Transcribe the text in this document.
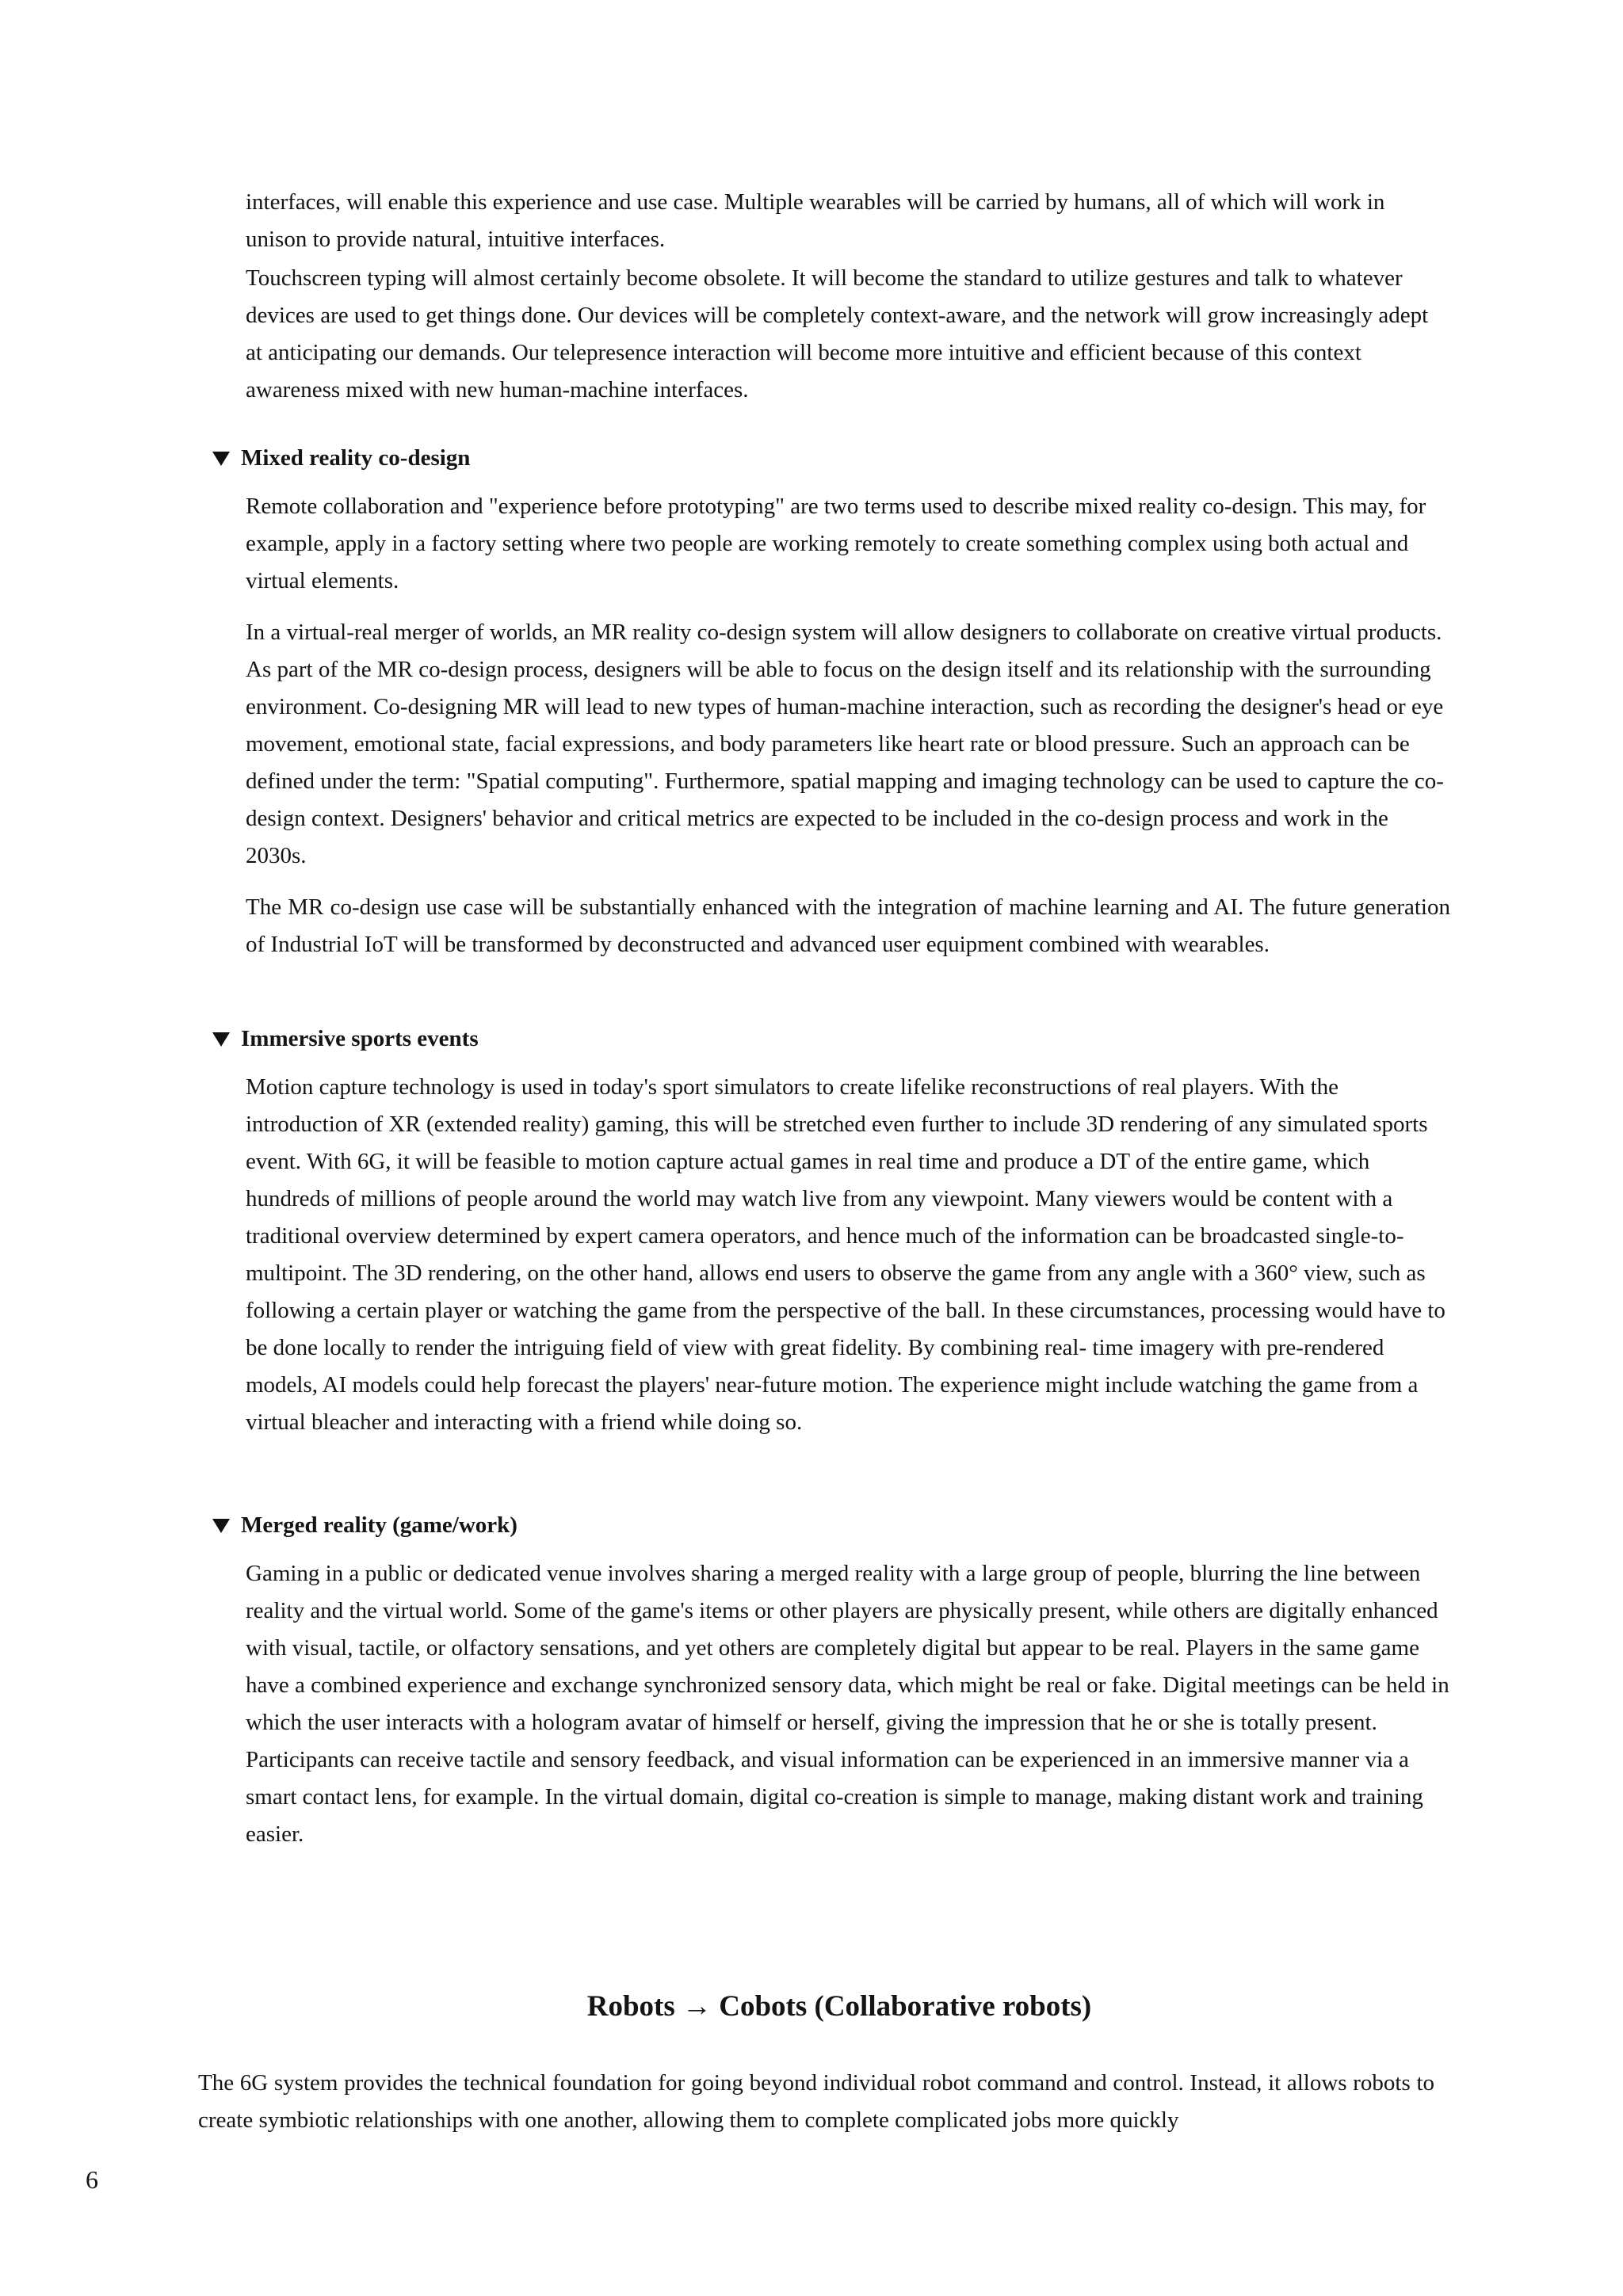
interfaces, will enable this experience and use case. Multiple wearables will be carried by humans, all of which will work in unison to provide natural, intuitive interfaces.

Touchscreen typing will almost certainly become obsolete. It will become the standard to utilize gestures and talk to whatever devices are used to get things done. Our devices will be completely context-aware, and the network will grow increasingly adept at anticipating our demands. Our telepresence interaction will become more intuitive and efficient because of this context awareness mixed with new human-machine interfaces.

Mixed reality co-design

Remote collaboration and "experience before prototyping" are two terms used to describe mixed reality co-design. This may, for example, apply in a factory setting where two people are working remotely to create something complex using both actual and virtual elements.

In a virtual-real merger of worlds, an MR reality co-design system will allow designers to collaborate on creative virtual products. As part of the MR co-design process, designers will be able to focus on the design itself and its relationship with the surrounding environment. Co-designing MR will lead to new types of human-machine interaction, such as recording the designer's head or eye movement, emotional state, facial expressions, and body parameters like heart rate or blood pressure. Such an approach can be defined under the term: "Spatial computing". Furthermore, spatial mapping and imaging technology can be used to capture the co-design context. Designers' behavior and critical metrics are expected to be included in the co-design process and work in the 2030s.

The MR co-design use case will be substantially enhanced with the integration of machine learning and AI. The future generation of Industrial IoT will be transformed by deconstructed and advanced user equipment combined with wearables.

Immersive sports events

Motion capture technology is used in today's sport simulators to create lifelike reconstructions of real players. With the introduction of XR (extended reality) gaming, this will be stretched even further to include 3D rendering of any simulated sports event. With 6G, it will be feasible to motion capture actual games in real time and produce a DT of the entire game, which hundreds of millions of people around the world may watch live from any viewpoint. Many viewers would be content with a traditional overview determined by expert camera operators, and hence much of the information can be broadcasted single-to-multipoint. The 3D rendering, on the other hand, allows end users to observe the game from any angle with a 360° view, such as following a certain player or watching the game from the perspective of the ball. In these circumstances, processing would have to be done locally to render the intriguing field of view with great fidelity. By combining real- time imagery with pre-rendered models, AI models could help forecast the players' near-future motion. The experience might include watching the game from a virtual bleacher and interacting with a friend while doing so.

Merged reality (game/work)

Gaming in a public or dedicated venue involves sharing a merged reality with a large group of people, blurring the line between reality and the virtual world. Some of the game's items or other players are physically present, while others are digitally enhanced with visual, tactile, or olfactory sensations, and yet others are completely digital but appear to be real. Players in the same game have a combined experience and exchange synchronized sensory data, which might be real or fake. Digital meetings can be held in which the user interacts with a hologram avatar of himself or herself, giving the impression that he or she is totally present. Participants can receive tactile and sensory feedback, and visual information can be experienced in an immersive manner via a smart contact lens, for example. In the virtual domain, digital co-creation is simple to manage, making distant work and training easier.

Robots → Cobots (Collaborative robots)

The 6G system provides the technical foundation for going beyond individual robot command and control. Instead, it allows robots to create symbiotic relationships with one another, allowing them to complete complicated jobs more quickly

6
